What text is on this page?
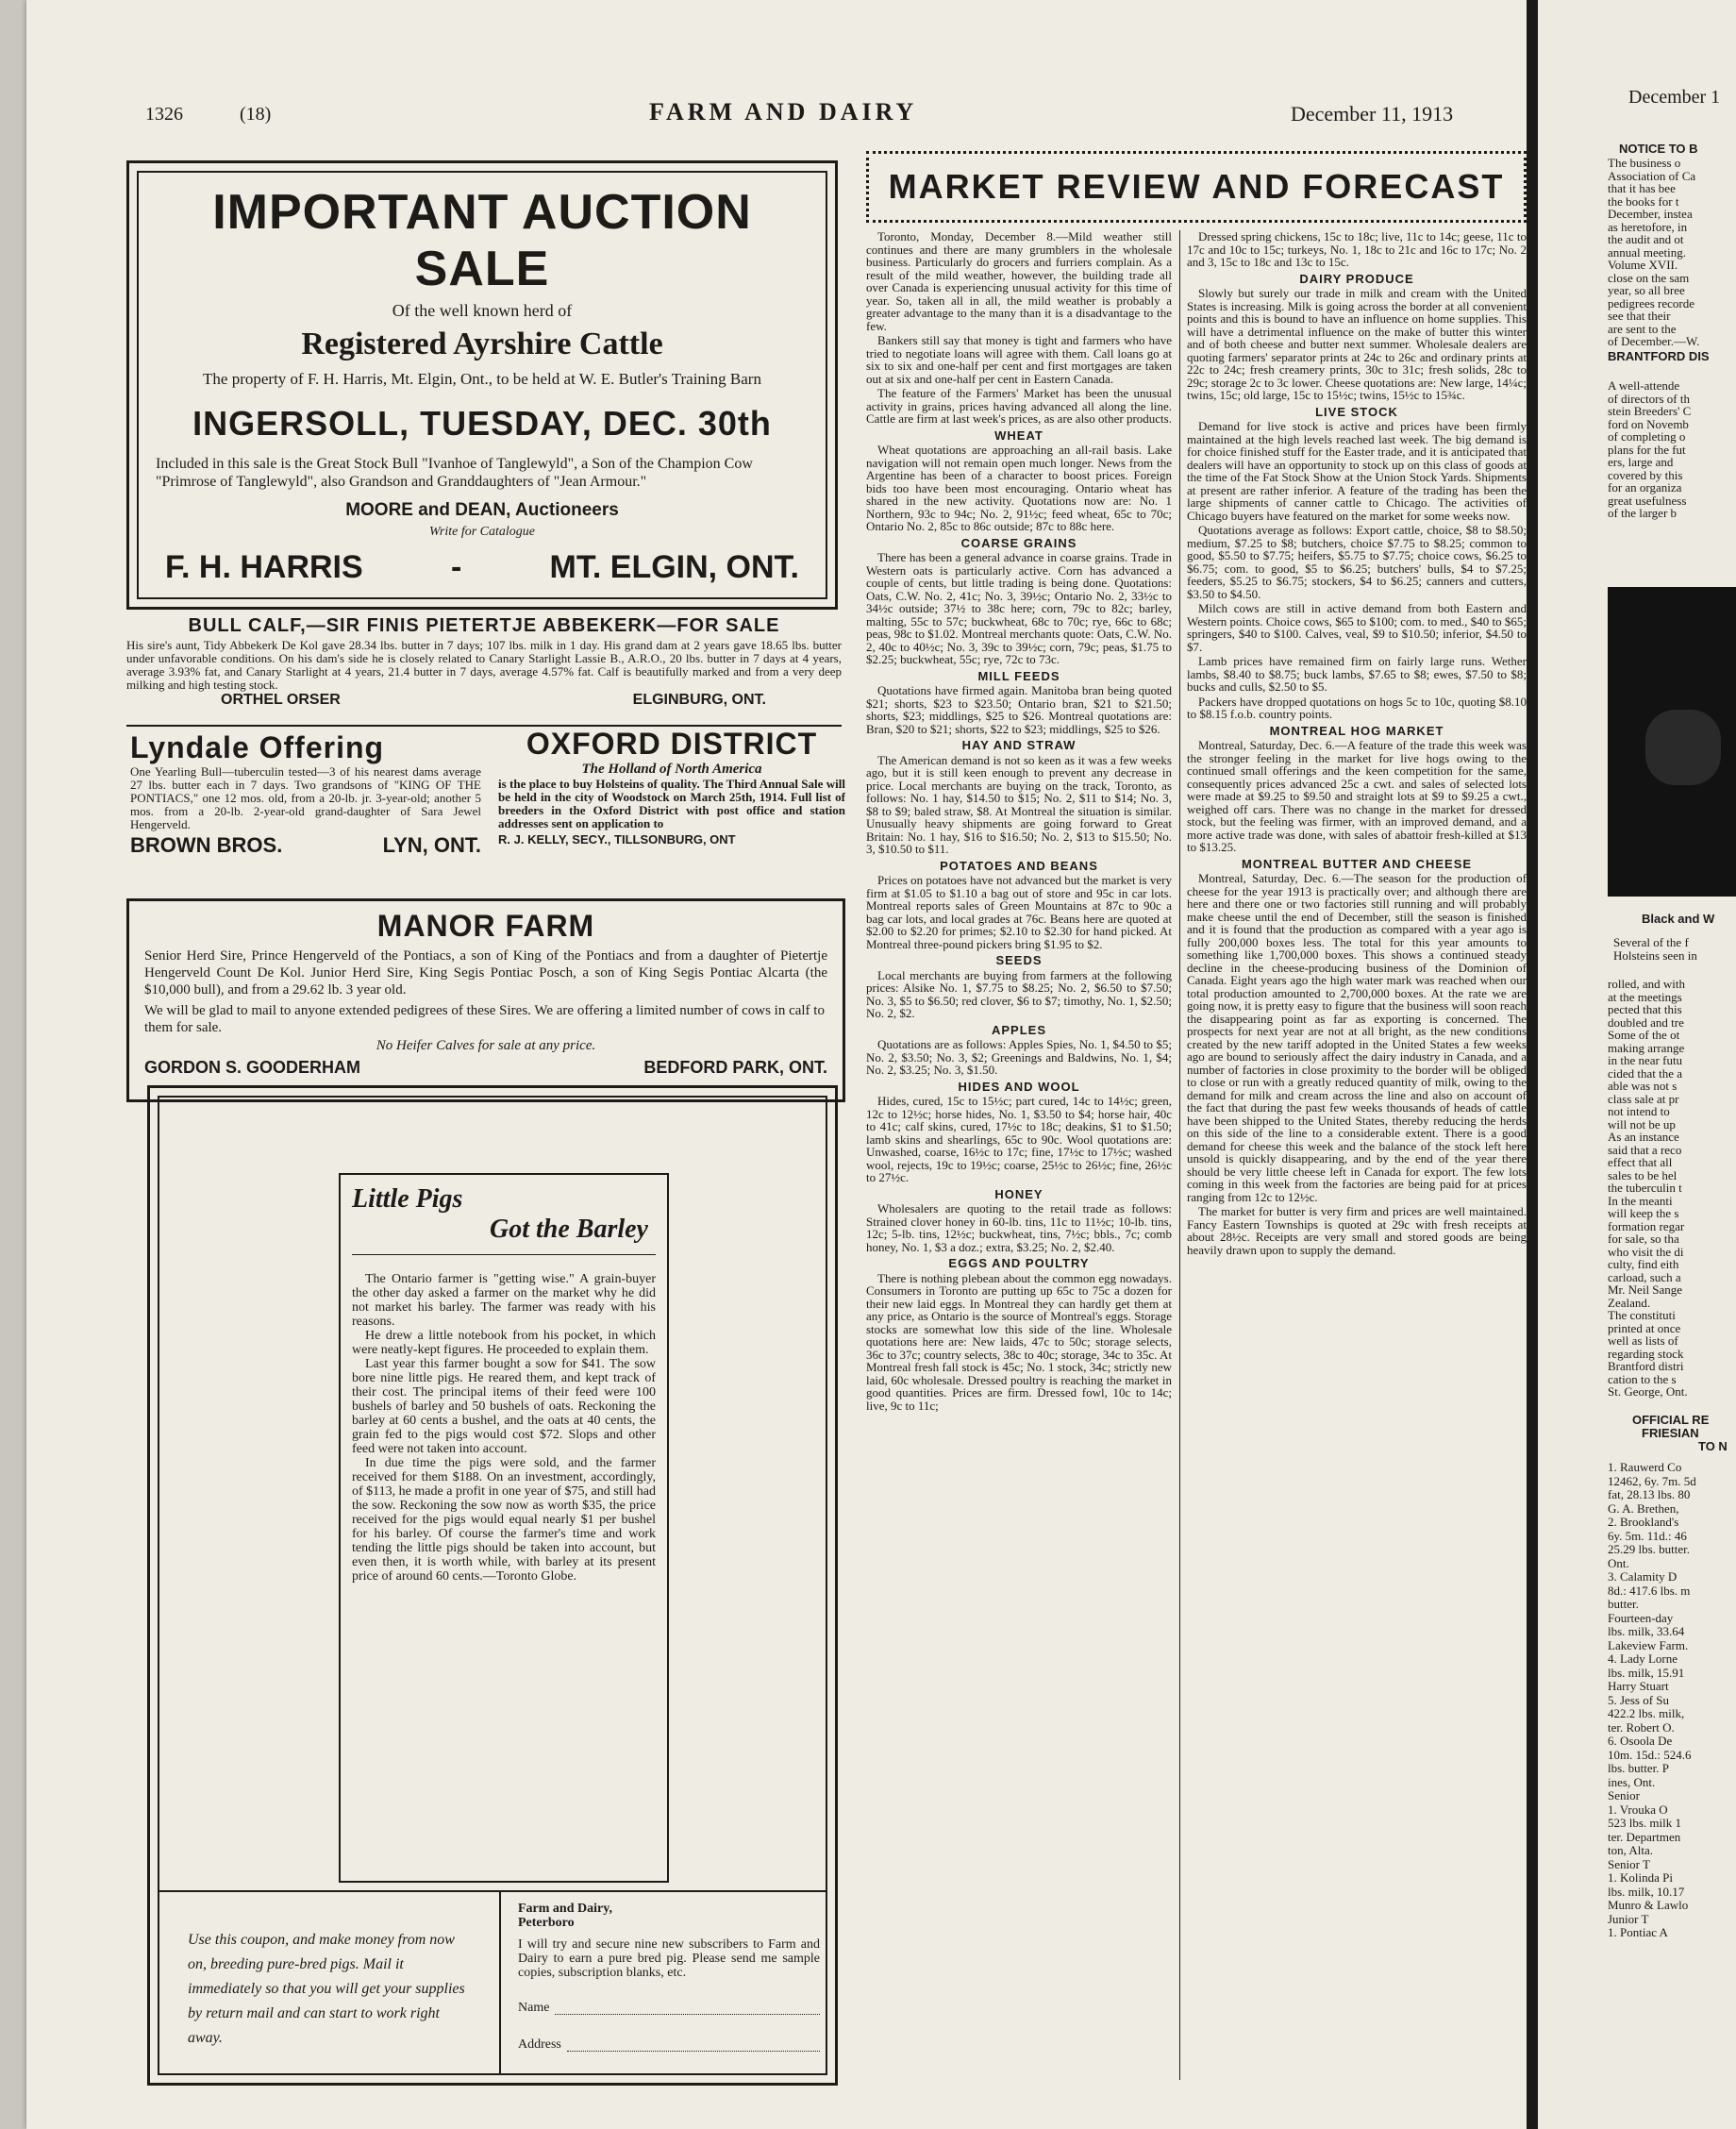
1326	(18)	FARM AND DAIRY	December 11, 1913
IMPORTANT AUCTION SALE
Of the well known herd of
Registered Ayrshire Cattle
The property of F. H. Harris, Mt. Elgin, Ont., to be held at W. E. Butler's Training Barn
INGERSOLL, TUESDAY, DEC. 30th
Included in this sale is the Great Stock Bull "Ivanhoe of Tanglewyld", a Son of the Champion Cow "Primrose of Tanglewyld", also Grandson and Granddaughters of "Jean Armour."
MOORE and DEAN, Auctioneers
Write for Catalogue
F. H. HARRIS	-	MT. ELGIN, ONT.
BULL CALF,—SIR FINIS PIETERTJE ABBEKERK—FOR SALE
His sire's aunt, Tidy Abbekerk De Kol gave 28.34 lbs. butter in 7 days; 107 lbs. milk in 1 day. His grand dam at 2 years gave 18.65 lbs. butter under unfavorable conditions. On his dam's side he is closely related to Canary Starlight Lassie B., A.R.O., 20 lbs. butter in 7 days at 4 years, average 3.93% fat, and Canary Starlight at 4 years, 21.4 butter in 7 days, average 4.57% fat. Calf is beautifully marked and from a very deep milking and high testing stock.
ORTHEL ORSER	ELGINBURG, ONT.
Lyndale Offering
One Yearling Bull—tuberculin tested—3 of his nearest dams average 27 lbs. butter each in 7 days. Two grandsons of "KING OF THE PONTIACS," one 12 mos. old, from a 20-lb. jr. 3-year-old; another 5 mos. from a 20-lb. 2-year-old grand-daughter of Sara Jewel Hengerveld.
BROWN BROS.	LYN, ONT.
OXFORD DISTRICT
The Holland of North America
is the place to buy Holsteins of quality. The Third Annual Sale will be held in the city of Woodstock on March 25th, 1914. Full list of breeders in the Oxford District with post office and station addresses sent on application to
R. J. KELLY, SECY., TILLSONBURG, ONT
MANOR FARM
Senior Herd Sire, Prince Hengerveld of the Pontiacs, a son of King of the Pontiacs and from a daughter of Pietertje Hengerveld Count De Kol. Junior Herd Sire, King Segis Pontiac Posch, a son of King Segis Pontiac Alcarta (the $10,000 bull), and from a 29.62 lb. 3 year old.
We will be glad to mail to anyone extended pedigrees of these Sires. We are offering a limited number of cows in calf to them for sale.
No Heifer Calves for sale at any price.
GORDON S. GOODERHAM	BEDFORD PARK, ONT.
Little Pigs
Got the Barley

The Ontario farmer is "getting wise." A grain-buyer the other day asked a farmer on the market why he did not market his barley. The farmer was ready with his reasons.

He drew a little notebook from his pocket, in which were neatly-kept figures. He proceeded to explain them.

Last year this farmer bought a sow for $41. The sow bore nine little pigs. He reared them, and kept track of their cost. The principal items of their feed were 100 bushels of barley and 50 bushels of oats. Reckoning the barley at 60 cents a bushel, and the oats at 40 cents, the grain fed to the pigs would cost $72. Slops and other feed were not taken into account.

In due time the pigs were sold, and the farmer received for them $188. On an investment, accordingly, of $113, he made a profit in one year of $75, and still had the sow. Reckoning the sow now as worth $35, the price received for the pigs would equal nearly $1 per bushel for his barley. Of course the farmer's time and work tending the little pigs should be taken into account, but even then, it is worth while, with barley at its present price of around 60 cents.—Toronto Globe.

Use this coupon, and make money from now on, breeding pure-bred pigs. Mail it immediately so that you will get your supplies by return mail and can start to work right away.
Farm and Dairy, Peterboro
I will try and secure nine new subscribers to Farm and Dairy to earn a pure bred pig. Please send me sample copies, subscription blanks, etc.
Name
Address
MARKET REVIEW AND FORECAST

Toronto, Monday, December 8.—Mild weather still continues and there are many grumblers in the wholesale business. Particularly do grocers and furriers complain. As a result of the mild weather, however, the building trade all over Canada is experiencing unusual activity for this time of year. So, taken all in all, the mild weather is probably a greater advantage to the many than it is a disadvantage to the few.

Bankers still say that money is tight and farmers who have tried to negotiate loans will agree with them. Call loans go at six to six and one-half per cent and first mortgages are taken out at six and one-half per cent in Eastern Canada.

The feature of the Farmers' Market has been the unusual activity in grains, prices having advanced all along the line. Cattle are firm at last week's prices, as are also other products.

WHEAT

Wheat quotations are approaching an all-rail basis. Lake navigation will not remain open much longer. News from the Argentine has been of a character to boost prices. Foreign bids too have been most encouraging. Ontario wheat has shared in the new activity. Quotations now are: No. 1 Northern, 93c to 94c; No. 2, 91½c; feed wheat, 65c to 70c; Ontario No. 2, 85c to 86c outside; 87c to 88c here.

COARSE GRAINS

There has been a general advance in coarse grains. Trade in Western oats is particularly active. Corn has advanced a couple of cents, but little trading is being done. Quotations: Oats, C.W. No. 2, 41c; No. 3, 39½c; Ontario No. 2, 33½c to 34½c outside; 37½ to 38c here; corn, 79c to 82c; barley, malting, 55c to 57c; buckwheat, 68c to 70c; rye, 66c to 68c; peas, 98c to $1.02. Montreal merchants quote: Oats, C.W. No. 2, 40c to 40½c; No. 3, 39c to 39½c; corn, 79c; peas, $1.75 to $2.25; buckwheat, 55c; rye, 72c to 73c.

MILL FEEDS

Quotations have firmed again. Manitoba bran being quoted $21; shorts, $23 to $23.50; Ontario bran, $21 to $21.50; shorts, $23; middlings, $25 to $26. Montreal quotations are: Bran, $20 to $21; shorts, $22 to $23; middlings, $25 to $26.

HAY AND STRAW

The American demand is not so keen as it was a few weeks ago, but it is still keen enough to prevent any decrease in price. Local merchants are buying on the track, Toronto, as follows: No. 1 hay, $14.50 to $15; No. 2, $11 to $14; No. 3, $8 to $9; baled straw, $8. At Montreal the situation is similar. Unusually heavy shipments are going forward to Great Britain: No. 1 hay, $16 to $16.50; No. 2, $13 to $15.50; No. 3, $10.50 to $11.

POTATOES AND BEANS

Prices on potatoes have not advanced but the market is very firm at $1.05 to $1.10 a bag out of store and 95c in car lots. Montreal reports sales of Green Mountains at 87c to 90c a bag car lots, and local grades at 76c. Beans here are quoted at $2.00 to $2.20 for primes; $2.10 to $2.30 for hand picked. At Montreal three-pound pickers bring $1.95 to $2.

SEEDS

Local merchants are buying from farmers at the following prices: Alsike No. 1, $7.75 to $8.25; No. 2, $6.50 to $7.50; No. 3, $5 to $6.50; red clover, $6 to $7; timothy, No. 1, $2.50; No. 2, $2.

APPLES

Quotations are as follows: Apples Spies, No. 1, $4.50 to $5; No. 2, $3.50; No. 3, $2; Greenings and Baldwins, No. 1, $4; No. 2, $3.25; No. 3, $1.50.

HIDES AND WOOL

Hides, cured, 15c to 15½c; part cured, 14c to 14½c; green, 12c to 12½c; horse hides, No. 1, $3.50 to $4; horse hair, 40c to 41c; calf skins, cured, 17½c to 18c; deakins, $1 to $1.50; lamb skins and shearlings, 65c to 90c. Wool quotations are: Unwashed, coarse, 16½c to 17c; fine, 17½c to 17½c; washed wool, rejects, 19c to 19½c; coarse, 25½c to 26½c; fine, 26½c to 27½c.

HONEY

Wholesalers are quoting to the retail trade as follows: Strained clover honey in 60-lb. tins, 11c to 11½c; 10-lb. tins, 12c; 5-lb. tins, 12½c; buckwheat, tins, 7½c; bbls., 7c; comb honey, No. 1, $3 a doz.; extra, $3.25; No. 2, $2.40.

EGGS AND POULTRY

There is nothing plebean about the common egg nowadays. Consumers in Toronto are putting up 65c to 75c a dozen for their new laid eggs. In Montreal they can hardly get them at any price, as Ontario is the source of Montreal's eggs. Storage stocks are somewhat low this side of the line. Wholesale quotations here are: New laids, 47c to 50c; storage selects, 36c to 37c; country selects, 38c to 40c; storage, 34c to 35c. At Montreal fresh fall stock is 45c; No. 1 stock, 34c; strictly new laid, 60c wholesale. Dressed poultry is reaching the market in good quantities. Prices are firm. Dressed fowl, 10c to 14c; live, 9c to 11c;

Dressed spring chickens, 15c to 18c; live, 11c to 14c; geese, 11c to 17c and 10c to 15c; turkeys, No. 1, 18c to 21c and 16c to 17c; No. 2 and 3, 15c to 18c and 13c to 15c.

DAIRY PRODUCE

Slowly but surely our trade in milk and cream with the United States is increasing. Milk is going across the border at all convenient points and this is bound to have an influence on home supplies. This will have a detrimental influence on the make of butter this winter and of both cheese and butter next summer. Wholesale dealers are quoting farmers' separator prints at 24c to 26c and ordinary prints at 22c to 24c; fresh creamery prints, 30c to 31c; fresh solids, 28c to 29c; storage 2c to 3c lower. Cheese quotations are: New large, 14¼c; twins, 15c; old large, 15c to 15½c; twins, 15½c to 15¾c.

LIVE STOCK

Demand for live stock is active and prices have been firmly maintained at the high levels reached last week. The big demand is for choice finished stuff for the Easter trade, and it is anticipated that dealers will have an opportunity to stock up on this class of goods at the time of the Fat Stock Show at the Union Stock Yards. Shipments at present are rather inferior. A feature of the trading has been the large shipments of canner cattle to Chicago. The activities of Chicago buyers have featured on the market for some weeks now.

Quotations average as follows: Export cattle, choice, $8 to $8.50; medium, $7.25 to $8; butchers, choice $7.75 to $8.25; common to good, $5.50 to $7.75; heifers, $5.75 to $7.75; choice cows, $6.25 to $6.75; com. to good, $5 to $6.25; butchers' bulls, $4 to $7.25; feeders, $5.25 to $6.75; stockers, $4 to $6.25; canners and cutters, $3.50 to $4.50.

Milch cows are still in active demand from both Eastern and Western points. Choice cows, $65 to $100; com. to med., $40 to $65; springers, $40 to $100. Calves, veal, $9 to $10.50; inferior, $4.50 to $7.

Lamb prices have remained firm on fairly large runs. Wether lambs, $8.40 to $8.75; buck lambs, $7.65 to $8; ewes, $7.50 to $8; bucks and culls, $2.50 to $5.

Packers have dropped quotations on hogs 5c to 10c, quoting $8.10 to $8.15 f.o.b. country points.

MONTREAL HOG MARKET

Montreal, Saturday, Dec. 6.—A feature of the trade this week was the stronger feeling in the market for live hogs owing to the continued small offerings and the keen competition for the same, consequently prices advanced 25c a cwt. and sales of selected lots were made at $9.25 to $9.50 and straight lots at $9 to $9.25 a cwt., weighed off cars. There was no change in the market for dressed stock, but the feeling was firmer, with an improved demand, and a more active trade was done, with sales of abattoir fresh-killed at $13 to $13.25.

MONTREAL BUTTER AND CHEESE

Montreal, Saturday, Dec. 6.—The season for the production of cheese for the year 1913 is practically over; and although there are here and there one or two factories still running and will probably make cheese until the end of December, still the season is finished and it is found that the production as compared with a year ago is fully 200,000 boxes less. The total for this year amounts to something like 1,700,000 boxes. This shows a continued steady decline in the cheese-producing business of the Dominion of Canada. Eight years ago the high water mark was reached when our total production amounted to 2,700,000 boxes. At the rate we are going now, it is pretty easy to figure that the business will soon reach the disappearing point as far as exporting is concerned. The prospects for next year are not at all bright, as the new conditions created by the new tariff adopted in the United States a few weeks ago are bound to seriously affect the dairy industry in Canada, and a number of factories in close proximity to the border will be obliged to close or run with a greatly reduced quantity of milk, owing to the demand for milk and cream across the line and also on account of the fact that during the past few weeks thousands of heads of cattle have been shipped to the United States, thereby reducing the herds on this side of the line to a considerable extent. There is a good demand for cheese this week and the balance of the stock left here unsold is quickly disappearing, and by the end of the year there should be very little cheese left in Canada for export. The few lots coming in this week from the factories are being paid for at prices ranging from 12c to 12½c.

The market for butter is very firm and prices are well maintained. Fancy Eastern Townships is quoted at 29c with fresh receipts at about 28½c. Receipts are very small and stored goods are being heavily drawn upon to supply the demand.

December 1
NOTICE TO B
The business o
Association of Ca
that it has bee
the books for t
December, instea
as heretofore, in
the audit and ot
annual meeting.
Volume XVII.
close on the sam
year, so all bree
pedigrees recorde
see that their
are sent to the
of December.—W.
BRANTFORD DIS
A well-attende
of directors of th
stein Breeders' C
ford on Novemb
of completing o
plans for the fut
ers, large and
covered by this
for an organiza
great usefulness
of the larger b
Black and W
Several of the f
Holsteins seen in
rolled, and with
at the meetings
pected that this
doubled and tre
Some of the ot
making arrange
in the near futu
cided that the a
able was not s
class sale at pr
not intend to
will not be up
As an instance
said that a reco
effect that all
sales to be hel
the tuberculin t
In the meanti
will keep the s
formation regar
for sale, so tha
who visit the di
culty, find eith
carload, such a
Mr. Neil Sange
Zealand.
The constituti
printed at once
well as lists of
regarding stock
Brantford distri
cation to the s
St. George, Ont.
OFFICIAL RE
FRIESIAN
TO N
1. Rauwerd Co
12462, 6y. 7m. 5d
fat, 28.13 lbs. 80
G. A. Brethen,
2. Brookland's
6y. 5m. 11d.: 46
25.29 lbs. butter.
Ont.
3. Calamity D
8d.: 417.6 lbs. m
butter.
Fourteen-day
lbs. milk, 33.64
Lakeview Farm.
4. Lady Lorne
lbs. milk, 15.91
Harry Stuart
5. Jess of Su
422.2 lbs. milk,
ter. Robert O.
6. Osoola De
10m. 15d.: 524.6
lbs. butter. P
ines, Ont.
Senior
1. Vrouka O
523 lbs. milk 1
ter. Departmen
ton, Alta.
Senior T
1. Kolinda Pi
lbs. milk, 10.17
Munro & Lawlo
Junior T
1. Pontiac A
